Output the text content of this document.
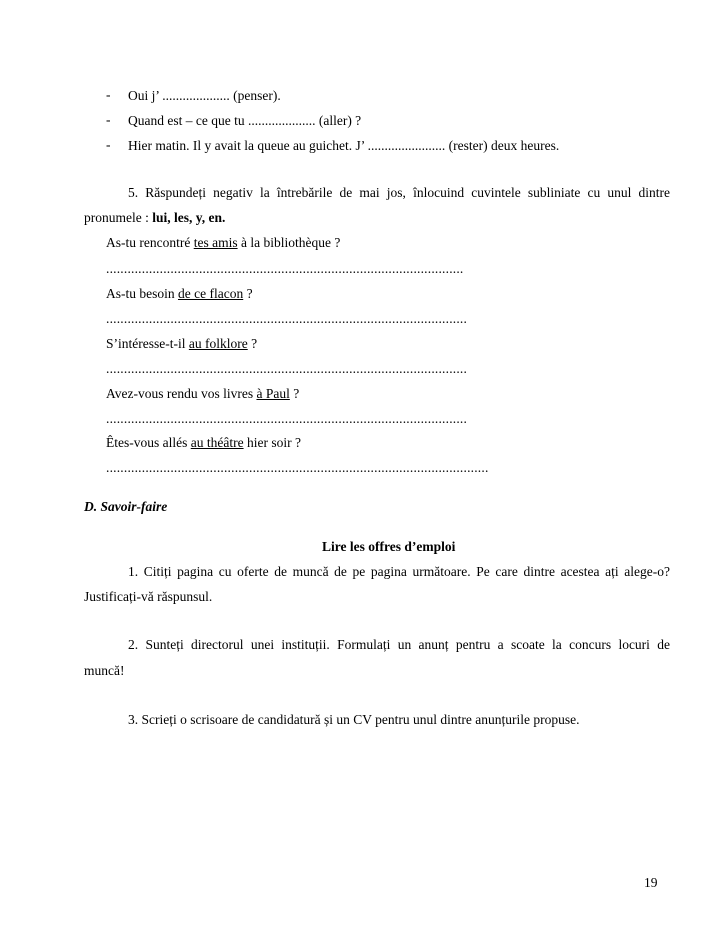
- Oui j’ .................... (penser).
- Quand est – ce que tu .................... (aller) ?
- Hier matin. Il y avait la queue au guichet. J’ ....................... (rester) deux heures.
5. Răspundeți negativ la întrebările de mai jos, înlocuind cuvintele subliniate cu unul dintre
pronumele : lui, les, y, en.
As-tu rencontré tes amis à la bibliothèque ?
....................................................................................................
As-tu besoin de ce flacon ?
.....................................................................................................
S’intéresse-t-il au folklore ?
.....................................................................................................
Avez-vous rendu vos livres à Paul ?
.....................................................................................................
Êtes-vous allés au théâtre hier soir ?
...........................................................................................................
D. Savoir-faire
Lire les offres d’emploi
1. Citiți pagina cu oferte de muncă de pe pagina următoare. Pe care dintre acestea ați alege-o?
Justificați-vă răspunsul.
2. Sunteți directorul unei instituții. Formulați un anunț pentru a scoate la concurs locuri de
muncă!
3. Scrieți o scrisoare de candidatură și un CV pentru unul dintre anunțurile propuse.
19
